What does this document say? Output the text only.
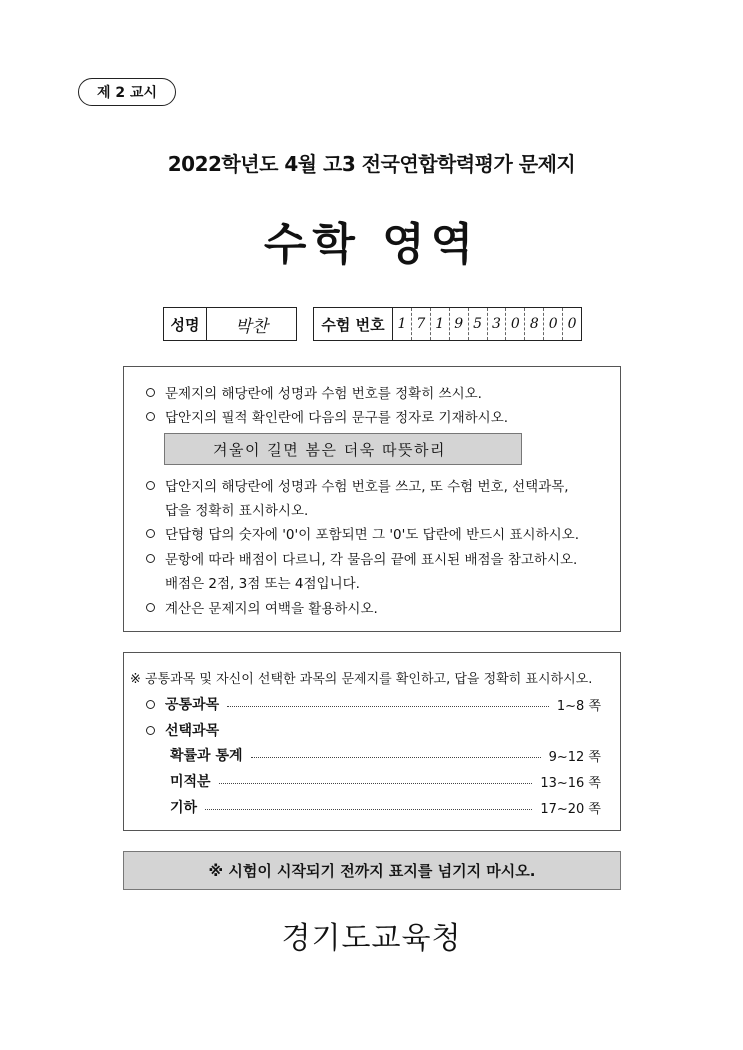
제 2 교시
2022학년도 4월 고3 전국연합학력평가 문제지
수학 영역
성명	박찬	수험 번호 1 7 1 9 5 3 0 8 0 0
문제지의 해당란에 성명과 수험 번호를 정확히 쓰시오.
답안지의 필적 확인란에 다음의 문구를 정자로 기재하시오.
겨울이 길면 봄은 더욱 따뜻하리
답안지의 해당란에 성명과 수험 번호를 쓰고, 또 수험 번호, 선택과목,
답을 정확히 표시하시오.
단답형 답의 숫자에 '0'이 포함되면 그 '0'도 답란에 반드시 표시하시오.
문항에 따라 배점이 다르니, 각 물음의 끝에 표시된 배점을 참고하시오.
배점은 2점, 3점 또는 4점입니다.
계산은 문제지의 여백을 활용하시오.
※ 공통과목 및 자신이 선택한 과목의 문제지를 확인하고, 답을 정확히 표시하시오.
공통과목	1~8 쪽
선택과목
확률과 통계	9~12 쪽
미적분	13~16 쪽
기하	17~20 쪽
※ 시험이 시작되기 전까지 표지를 넘기지 마시오.
경기도교육청
